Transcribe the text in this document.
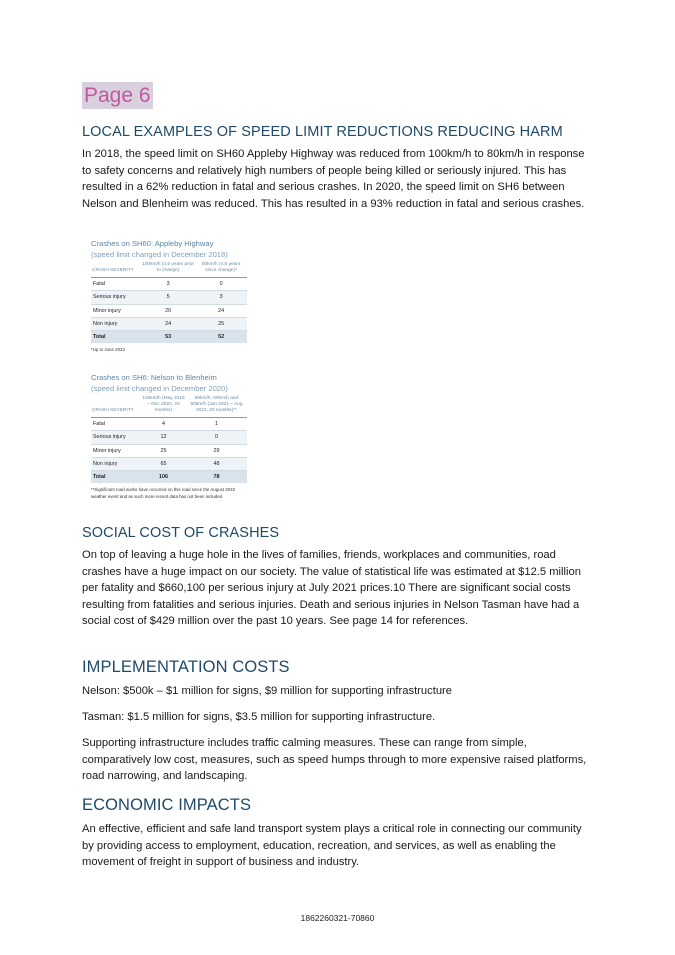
Page 6
LOCAL EXAMPLES OF SPEED LIMIT REDUCTIONS REDUCING HARM

In 2018, the speed limit on SH60 Appleby Highway was reduced from 100km/h to 80km/h in response to safety concerns and relatively high numbers of people being killed or seriously injured. This has resulted in a 62% reduction in fatal and serious crashes. In 2020, the speed limit on SH6 between Nelson and Blenheim was reduced. This has resulted in a 93% reduction in fatal and serious crashes.

Crashes on SH60: Appleby Highway
(speed limit changed in December 2018)
CRASH SEVERITY	100km/h (4.5 years prior to change)	80km/h (4.5 years since change)*
Fatal	3	0
Serious injury	5	3
Minor injury	20	24
Non injury	24	25
Total	53	52
*Up to June 2023
Crashes on SH6: Nelson to Blenheim
(speed limit changed in December 2020)
CRASH SEVERITY	100km/h (May 2018 – Dec 2020, 20 months)	90km/h, 80km/h and 60km/h (Jan 2021 – Aug 2022, 20 months)**
Fatal	4	1
Serious injury	12	0
Minor injury	25	29
Non injury	65	48
Total	106	78
**Significant road works have occurred on this road since the August 2022 weather event and as such more recent data has not been included
SOCIAL COST OF CRASHES

On top of leaving a huge hole in the lives of families, friends, workplaces and communities, road crashes have a huge impact on our society. The value of statistical life was estimated at $12.5 million per fatality and $660,100 per serious injury at July 2021 prices.10 There are significant social costs resulting from fatalities and serious injuries. Death and serious injuries in Nelson Tasman have had a social cost of $429 million over the past 10 years. See page 14 for references.

IMPLEMENTATION COSTS

Nelson: $500k – $1 million for signs, $9 million for supporting infrastructure

Tasman: $1.5 million for signs, $3.5 million for supporting infrastructure.

Supporting infrastructure includes traffic calming measures. These can range from simple, comparatively low cost, measures, such as speed humps through to more expensive raised platforms, road narrowing, and landscaping.

ECONOMIC IMPACTS

An effective, efficient and safe land transport system plays a critical role in connecting our community by providing access to employment, education, recreation, and services, as well as enabling the movement of freight in support of business and industry.

1862260321-70860
